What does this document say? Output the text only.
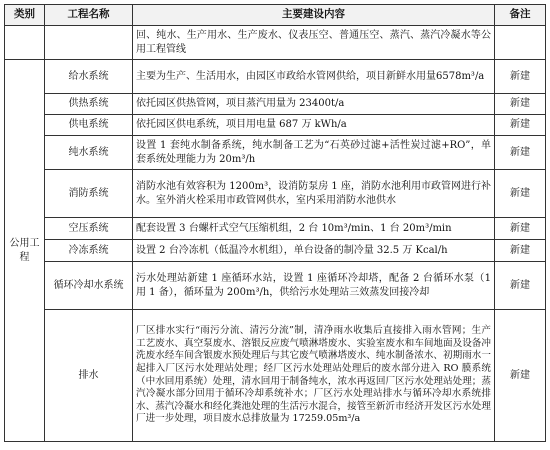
类别	工程名称	主要建设内容	备注
		回、纯水、生产用水、生产废水、仪表压空、普通压空、蒸汽、蒸汽冷凝水等公用工程管线	
公用工程	给水系统	主要为生产、生活用水，由园区市政给水管网供给，项目新鲜水用量6578m³/a	新建
	供热系统	依托园区供热管网，项目蒸汽用量为 23400t/a	新建
	供电系统	依托园区供电系统，项目用电量 687 万 kWh/a	新建
	纯水系统	设置 1 套纯水制备系统，纯水制备工艺为“石英砂过滤+活性炭过滤+RO”，单套系统处理能力为 20m³/h	新建
	消防系统	消防水池有效容积为 1200m³，设消防泵房 1 座，消防水池利用市政管网进行补水。室外消火栓采用市政管网供水，室内采用消防水池供水	新建
	空压系统	配套设置 3 台螺杆式空气压缩机组，2 台 10m³/min、1 台 20m³/min	新建
	冷冻系统	设置 2 台冷冻机（低温冷水机组），单台设备的制冷量 32.5 万 Kcal/h	新建
	循环冷却水系统	污水处理站新建 1 座循环水站，设置 1 座循环冷却塔，配备 2 台循环水泵（1 用 1 备），循环量为 200m³/h，供给污水处理站三效蒸发回接冷却	新建
	排水	厂区排水实行“雨污分流、清污分流”制，清净雨水收集后直接排入雨水管网；生产工艺废水、真空泵废水、溶银反应废气喷淋塔废水、实验室废水和车间地面及设备冲洗废水经车间含银废水预处理后与其它废气喷淋塔废水、纯水制备浓水、初期雨水一起排入厂区污水处理站处理；经厂区污水处理站处理后的废水部分进入 RO 膜系统（中水回用系统）处理，清水回用于制备纯水，浓水再返回厂区污水处理站处理；蒸汽冷凝水部分回用于循环冷却系统补水；厂区污水处理站排水与循环冷却水系统排水、蒸汽冷凝水和经化粪池处理的生活污水混合，接管至新沂市经济开发区污水处理厂进一步处理，项目废水总排放量为 17259.05m³/a	新建
